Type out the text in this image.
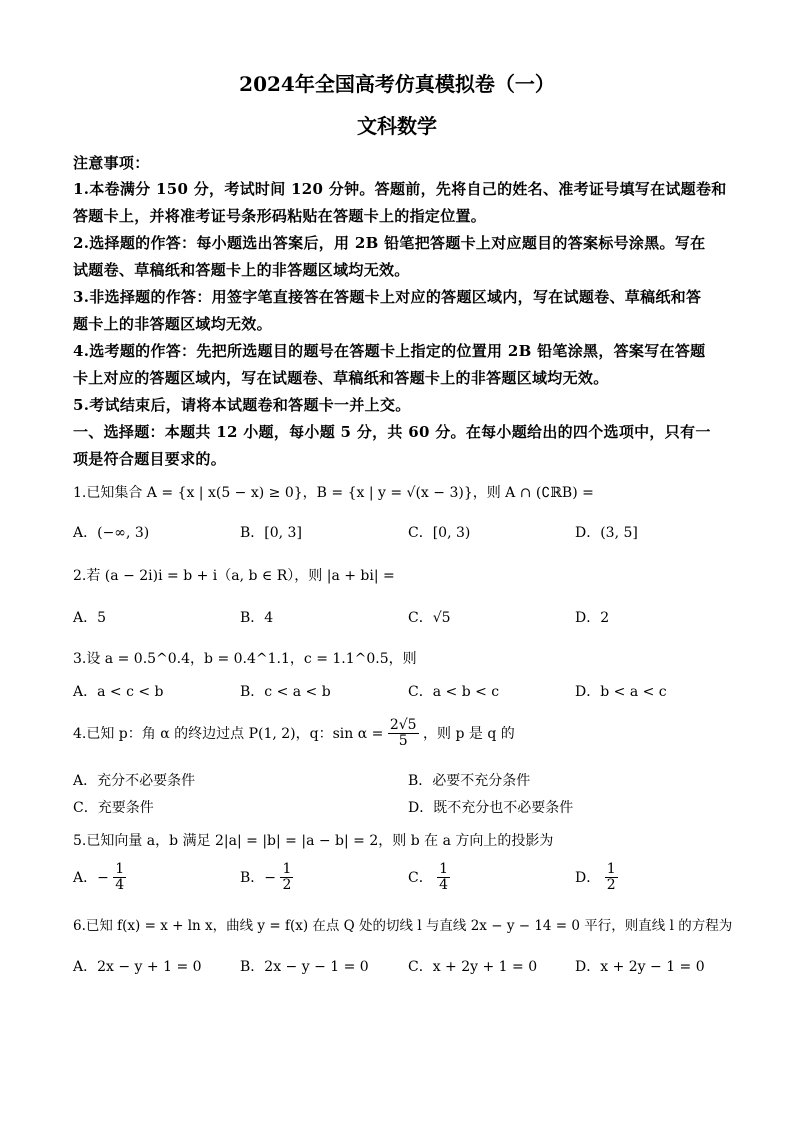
2024年全国高考仿真模拟卷（一）
文科数学
注意事项：
1.本卷满分 150 分，考试时间 120 分钟。答题前，先将自己的姓名、准考证号填写在试题卷和
答题卡上，并将准考证号条形码粘贴在答题卡上的指定位置。
2.选择题的作答：每小题选出答案后，用 2B 铅笔把答题卡上对应题目的答案标号涂黑。写在
试题卷、草稿纸和答题卡上的非答题区域均无效。
3.非选择题的作答：用签字笔直接答在答题卡上对应的答题区域内，写在试题卷、草稿纸和答
题卡上的非答题区域均无效。
4.选考题的作答：先把所选题目的题号在答题卡上指定的位置用 2B 铅笔涂黑，答案写在答题
卡上对应的答题区域内，写在试题卷、草稿纸和答题卡上的非答题区域均无效。
5.考试结束后，请将本试题卷和答题卡一并上交。
一、选择题：本题共 12 小题，每小题 5 分，共 60 分。在每小题给出的四个选项中，只有一
项是符合题目要求的。
1.已知集合 A = {x | x(5 − x) ≥ 0}，B = {x | y = √(x − 3)}，则 A ∩ (∁ℝB) =
A．(−∞, 3)	B．[0, 3]	C．[0, 3)	D．(3, 5]
2.若 (a − 2i)i = b + i（a, b ∈ R），则 |a + bi| =
A．5	B．4	C．√5	D．2
3.设 a = 0.5^0.4，b = 0.4^1.1，c = 1.1^0.5，则
A．a < c < b	B．c < a < b	C．a < b < c	D．b < a < c
4.已知 p：角 α 的终边过点 P(1, 2)，q：$\sin \alpha = \frac{2√5}{5}$ ，则 p 是 q 的
A．充分不必要条件	B．必要不充分条件
C．充要条件	D．既不充分也不必要条件
5.已知向量 a，b 满足 2|a| = |b| = |a − b| = 2，则 b 在 a 方向上的投影为
A．− $\frac{1}{4}$	B．− $\frac{1}{2}$	C． $\frac{1}{4}$	D． $\frac{1}{2}$
6.已知 f(x) = x + ln x，曲线 y = f(x) 在点 Q 处的切线 l 与直线 2x − y − 14 = 0 平行，则直线 l 的方程为
A．2x − y + 1 = 0	B．2x − y − 1 = 0	C．x + 2y + 1 = 0	D．x + 2y − 1 = 0
